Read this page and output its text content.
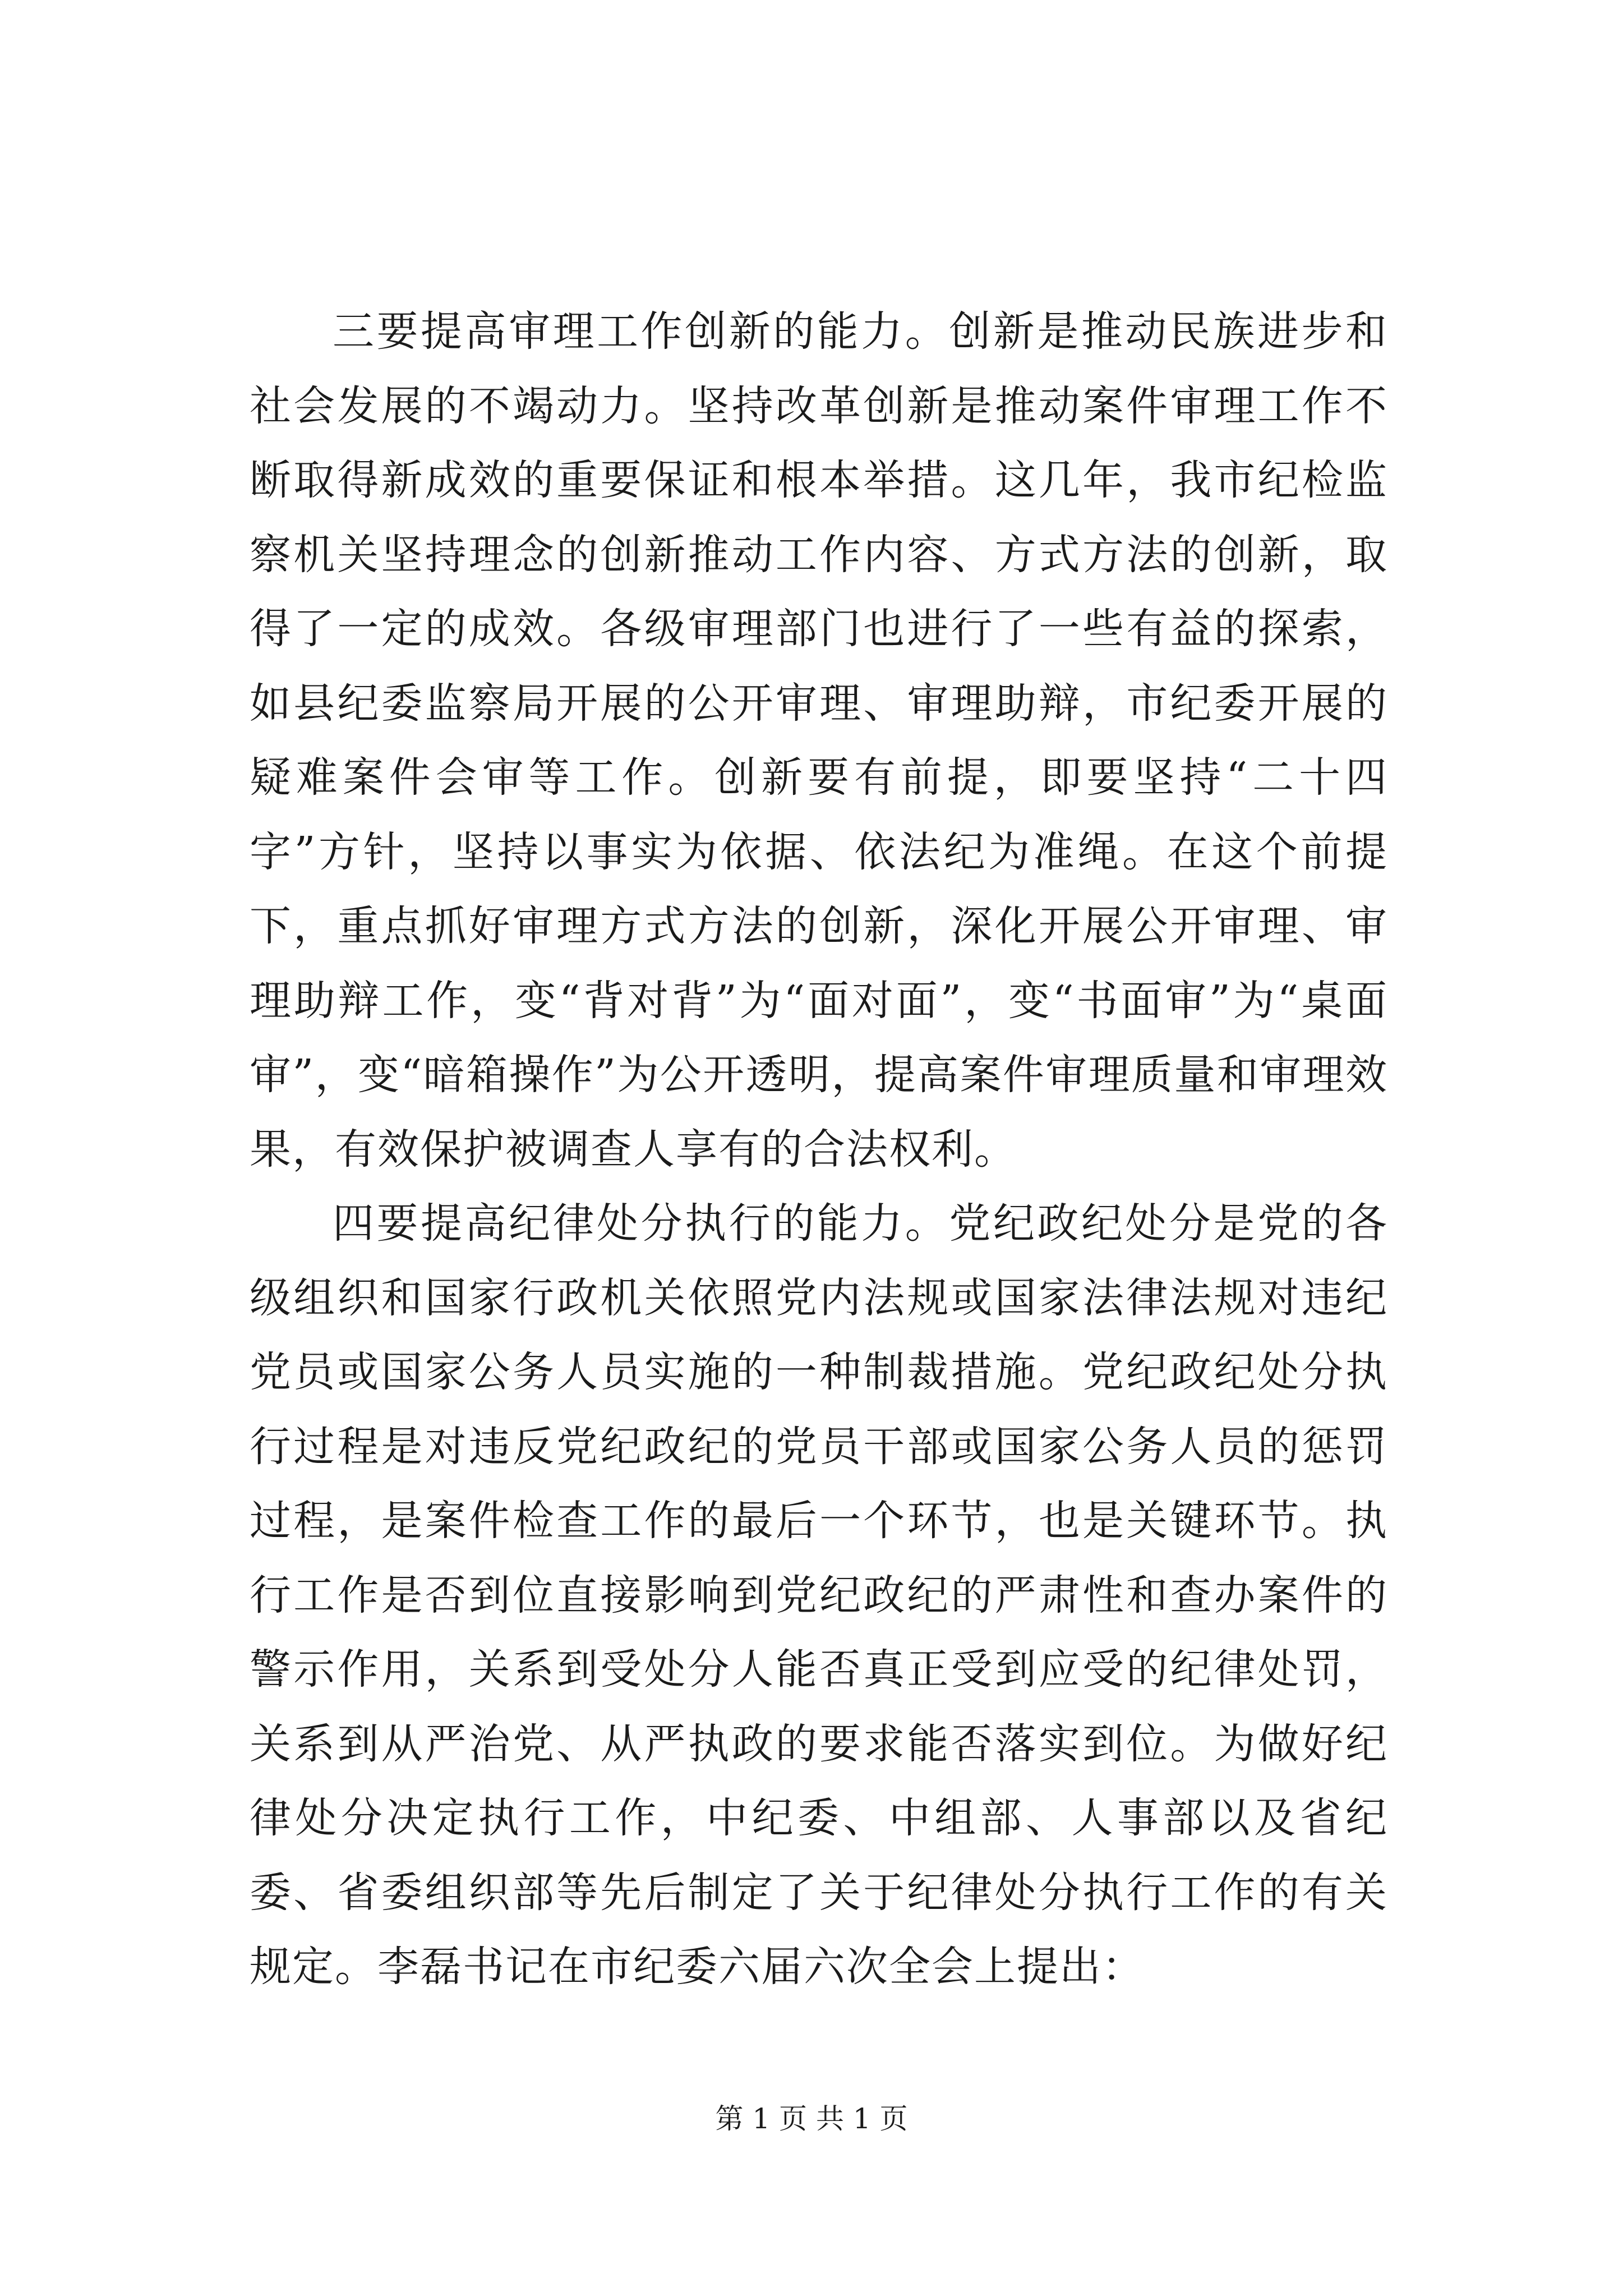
三要提高审理工作创新的能力。创新是推动民族进步和社会发展的不竭动力。坚持改革创新是推动案件审理工作不断取得新成效的重要保证和根本举措。这几年，我市纪检监察机关坚持理念的创新推动工作内容、方式方法的创新，取得了一定的成效。各级审理部门也进行了一些有益的探索，如县纪委监察局开展的公开审理、审理助辩，市纪委开展的疑难案件会审等工作。创新要有前提，即要坚持“二十四字”方针，坚持以事实为依据、依法纪为准绳。在这个前提下，重点抓好审理方式方法的创新，深化开展公开审理、审理助辩工作，变“背对背”为“面对面”，变“书面审”为“桌面审”，变“暗箱操作”为公开透明，提高案件审理质量和审理效果，有效保护被调查人享有的合法权利。

四要提高纪律处分执行的能力。党纪政纪处分是党的各级组织和国家行政机关依照党内法规或国家法律法规对违纪党员或国家公务人员实施的一种制裁措施。党纪政纪处分执行过程是对违反党纪政纪的党员干部或国家公务人员的惩罚过程，是案件检查工作的最后一个环节，也是关键环节。执行工作是否到位直接影响到党纪政纪的严肃性和查办案件的警示作用，关系到受处分人能否真正受到应受的纪律处罚，关系到从严治党、从严执政的要求能否落实到位。为做好纪律处分决定执行工作，中纪委、中组部、人事部以及省纪委、省委组织部等先后制定了关于纪律处分执行工作的有关规定。李磊书记在市纪委六届六次全会上提出：

第 1 页 共 1 页
